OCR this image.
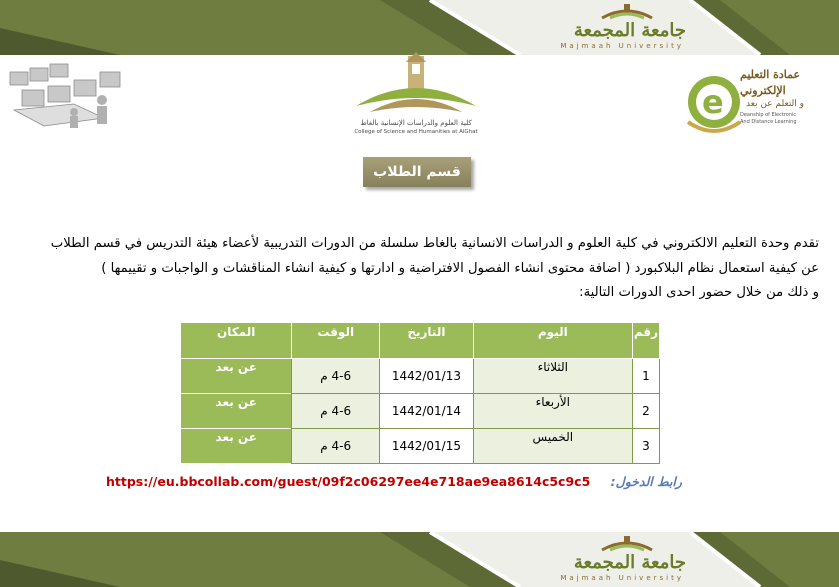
جامعة المجمعة
Majmaah University
كلية العلوم والدراسات الإنسانية بالغاط
College of Science and Humanities at AlGhat
e
عمادة التعليم
الإلكتروني
و التعلم عن بعد
Deanship of Electronic
And Distance Learning
قسم الطلاب
تقدم وحدة التعليم الالكتروني في كلية العلوم و الدراسات الانسانية بالغاط سلسلة من الدورات التدريبية لأعضاء هيئة التدريس في قسم الطلاب
عن كيفية استعمال نظام البلاكبورد ( اضافة محتوى انشاء الفصول الافتراضية و ادارتها و كيفية انشاء المناقشات و الواجبات و تقييمها )
و ذلك من خلال حضور احدى الدورات التالية:
رقم	اليوم	التاريخ	الوقت	المكان
1	الثلاثاء	1442/01/13	4-6 م	عن بعد
2	الأربعاء	1442/01/14	4-6 م	عن بعد
3	الخميس	1442/01/15	4-6 م	عن بعد
https://eu.bbcollab.com/guest/09f2c06297ee4e718ae9ea8614c5c9c5 رابط الدخول:
جامعة المجمعة
Majmaah University
